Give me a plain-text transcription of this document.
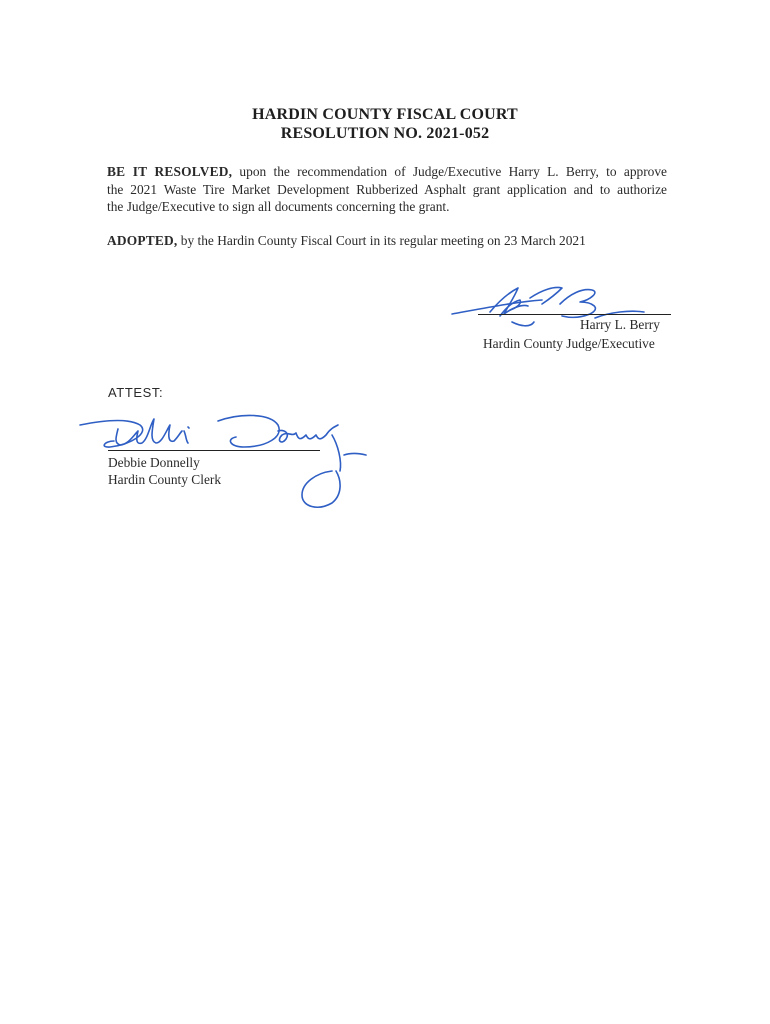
HARDIN COUNTY FISCAL COURT
RESOLUTION NO. 2021-052
BE IT RESOLVED, upon the recommendation of Judge/Executive Harry L. Berry, to approve
the 2021 Waste Tire Market Development Rubberized Asphalt grant application and to authorize
the Judge/Executive to sign all documents concerning the grant.
ADOPTED, by the Hardin County Fiscal Court in its regular meeting on 23 March 2021
Harry L. Berry
Hardin County Judge/Executive
ATTEST:
Debbie Donnelly
Hardin County Clerk
